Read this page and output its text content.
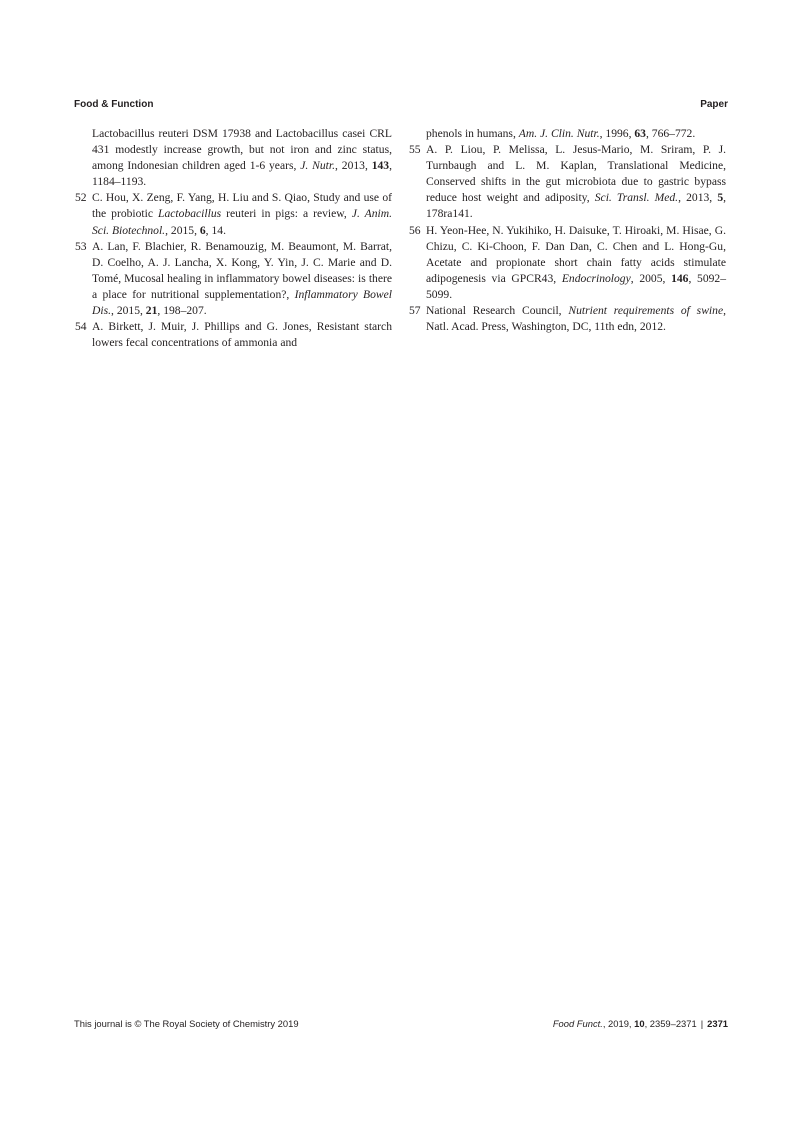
Food & Function	Paper

Lactobacillus reuteri DSM 17938 and Lactobacillus casei CRL 431 modestly increase growth, but not iron and zinc status, among Indonesian children aged 1-6 years, J. Nutr., 2013, 143, 1184–1193.

52 C. Hou, X. Zeng, F. Yang, H. Liu and S. Qiao, Study and use of the probiotic Lactobacillus reuteri in pigs: a review, J. Anim. Sci. Biotechnol., 2015, 6, 14.

53 A. Lan, F. Blachier, R. Benamouzig, M. Beaumont, M. Barrat, D. Coelho, A. J. Lancha, X. Kong, Y. Yin, J. C. Marie and D. Tomé, Mucosal healing in inflammatory bowel diseases: is there a place for nutritional supplementation?, Inflammatory Bowel Dis., 2015, 21, 198–207.

54 A. Birkett, J. Muir, J. Phillips and G. Jones, Resistant starch lowers fecal concentrations of ammonia and

phenols in humans, Am. J. Clin. Nutr., 1996, 63, 766–772.

55 A. P. Liou, P. Melissa, L. Jesus-Mario, M. Sriram, P. J. Turnbaugh and L. M. Kaplan, Translational Medicine, Conserved shifts in the gut microbiota due to gastric bypass reduce host weight and adiposity, Sci. Transl. Med., 2013, 5, 178ra141.

56 H. Yeon-Hee, N. Yukihiko, H. Daisuke, T. Hiroaki, M. Hisae, G. Chizu, C. Ki-Choon, F. Dan Dan, C. Chen and L. Hong-Gu, Acetate and propionate short chain fatty acids stimulate adipogenesis via GPCR43, Endocrinology, 2005, 146, 5092–5099.

57 National Research Council, Nutrient requirements of swine, Natl. Acad. Press, Washington, DC, 11th edn, 2012.

This journal is © The Royal Society of Chemistry 2019	Food Funct., 2019, 10, 2359–2371 | 2371
